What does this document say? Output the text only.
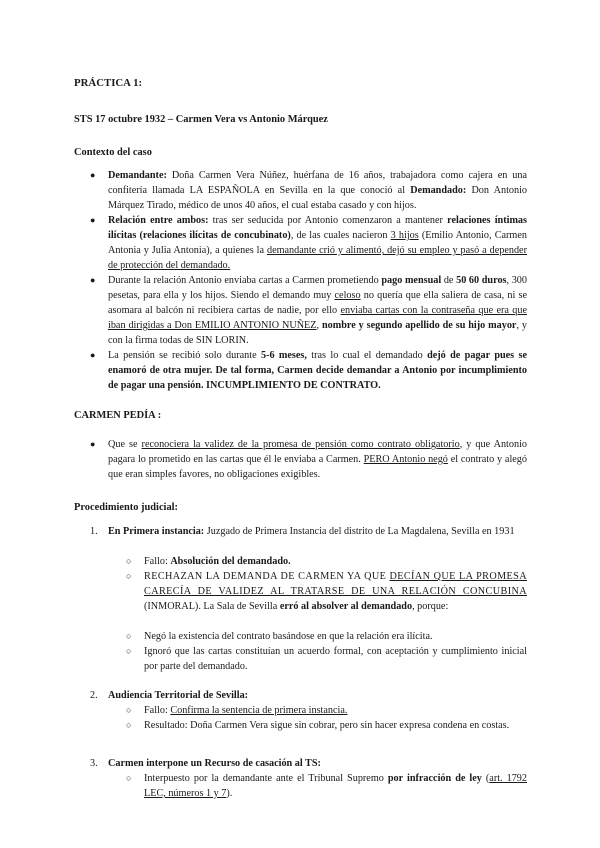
PRÁCTICA 1:
STS 17 octubre 1932 – Carmen Vera vs Antonio Márquez
Contexto del caso
● Demandante: Doña Carmen Vera Núñez, huérfana de 16 años, trabajadora como cajera en una confitería llamada LA ESPAÑOLA en Sevilla en la que conoció al Demandado: Don Antonio Márquez Tirado, médico de unos 40 años, el cual estaba casado y con hijos.
● Relación entre ambos: tras ser seducida por Antonio comenzaron a mantener relaciones íntimas ilícitas (relaciones ilícitas de concubinato), de las cuales nacieron 3 hijos (Emilio Antonio, Carmen Antonia y Julia Antonia), a quienes la demandante crió y alimentó, dejó su empleo y pasó a depender de protección del demandado.
● Durante la relación Antonio enviaba cartas a Carmen prometiendo pago mensual de 50 60 duros, 300 pesetas, para ella y los hijos. Siendo el demando muy celoso no quería que ella saliera de casa, ni se asomara al balcón ni recibiera cartas de nadie, por ello enviaba cartas con la contraseña que era que iban dirigidas a Don EMILIO ANTONIO NUÑEZ, nombre y segundo apellido de su hijo mayor, y con la firma todas de SIN LORIN.
● La pensión se recibió solo durante 5-6 meses, tras lo cual el demandado dejó de pagar pues se enamoró de otra mujer. De tal forma, Carmen decide demandar a Antonio por incumplimiento de pagar una pensión. INCUMPLIMIENTO DE CONTRATO.
CARMEN PEDÍA :
● Que se reconociera la validez de la promesa de pensión como contrato obligatorio, y que Antonio pagara lo prometido en las cartas que él le enviaba a Carmen. PERO Antonio negó el contrato y alegó que eran simples favores, no obligaciones exigibles.
Procedimiento judicial:
1. En Primera instancia: Juzgado de Primera Instancia del distrito de La Magdalena, Sevilla en 1931
○ Fallo: Absolución del demandado.
○ RECHAZAN LA DEMANDA DE CARMEN YA QUE DECÍAN QUE LA PROMESA CARECÍA DE VALIDEZ AL TRATARSE DE UNA RELACIÓN CONCUBINA (INMORAL). La Sala de Sevilla erró al absolver al demandado, porque:
○ Negó la existencia del contrato basándose en que la relación era ilícita.
○ Ignoró que las cartas constituían un acuerdo formal, con aceptación y cumplimiento inicial por parte del demandado.
2. Audiencia Territorial de Sevilla:
○ Fallo: Confirma la sentencia de primera instancia.
○ Resultado: Doña Carmen Vera sigue sin cobrar, pero sin hacer expresa condena en costas.
3. Carmen interpone un Recurso de casación al TS:
○ Interpuesto por la demandante ante el Tribunal Supremo por infracción de ley (art. 1792 LEC, números 1 y 7).
